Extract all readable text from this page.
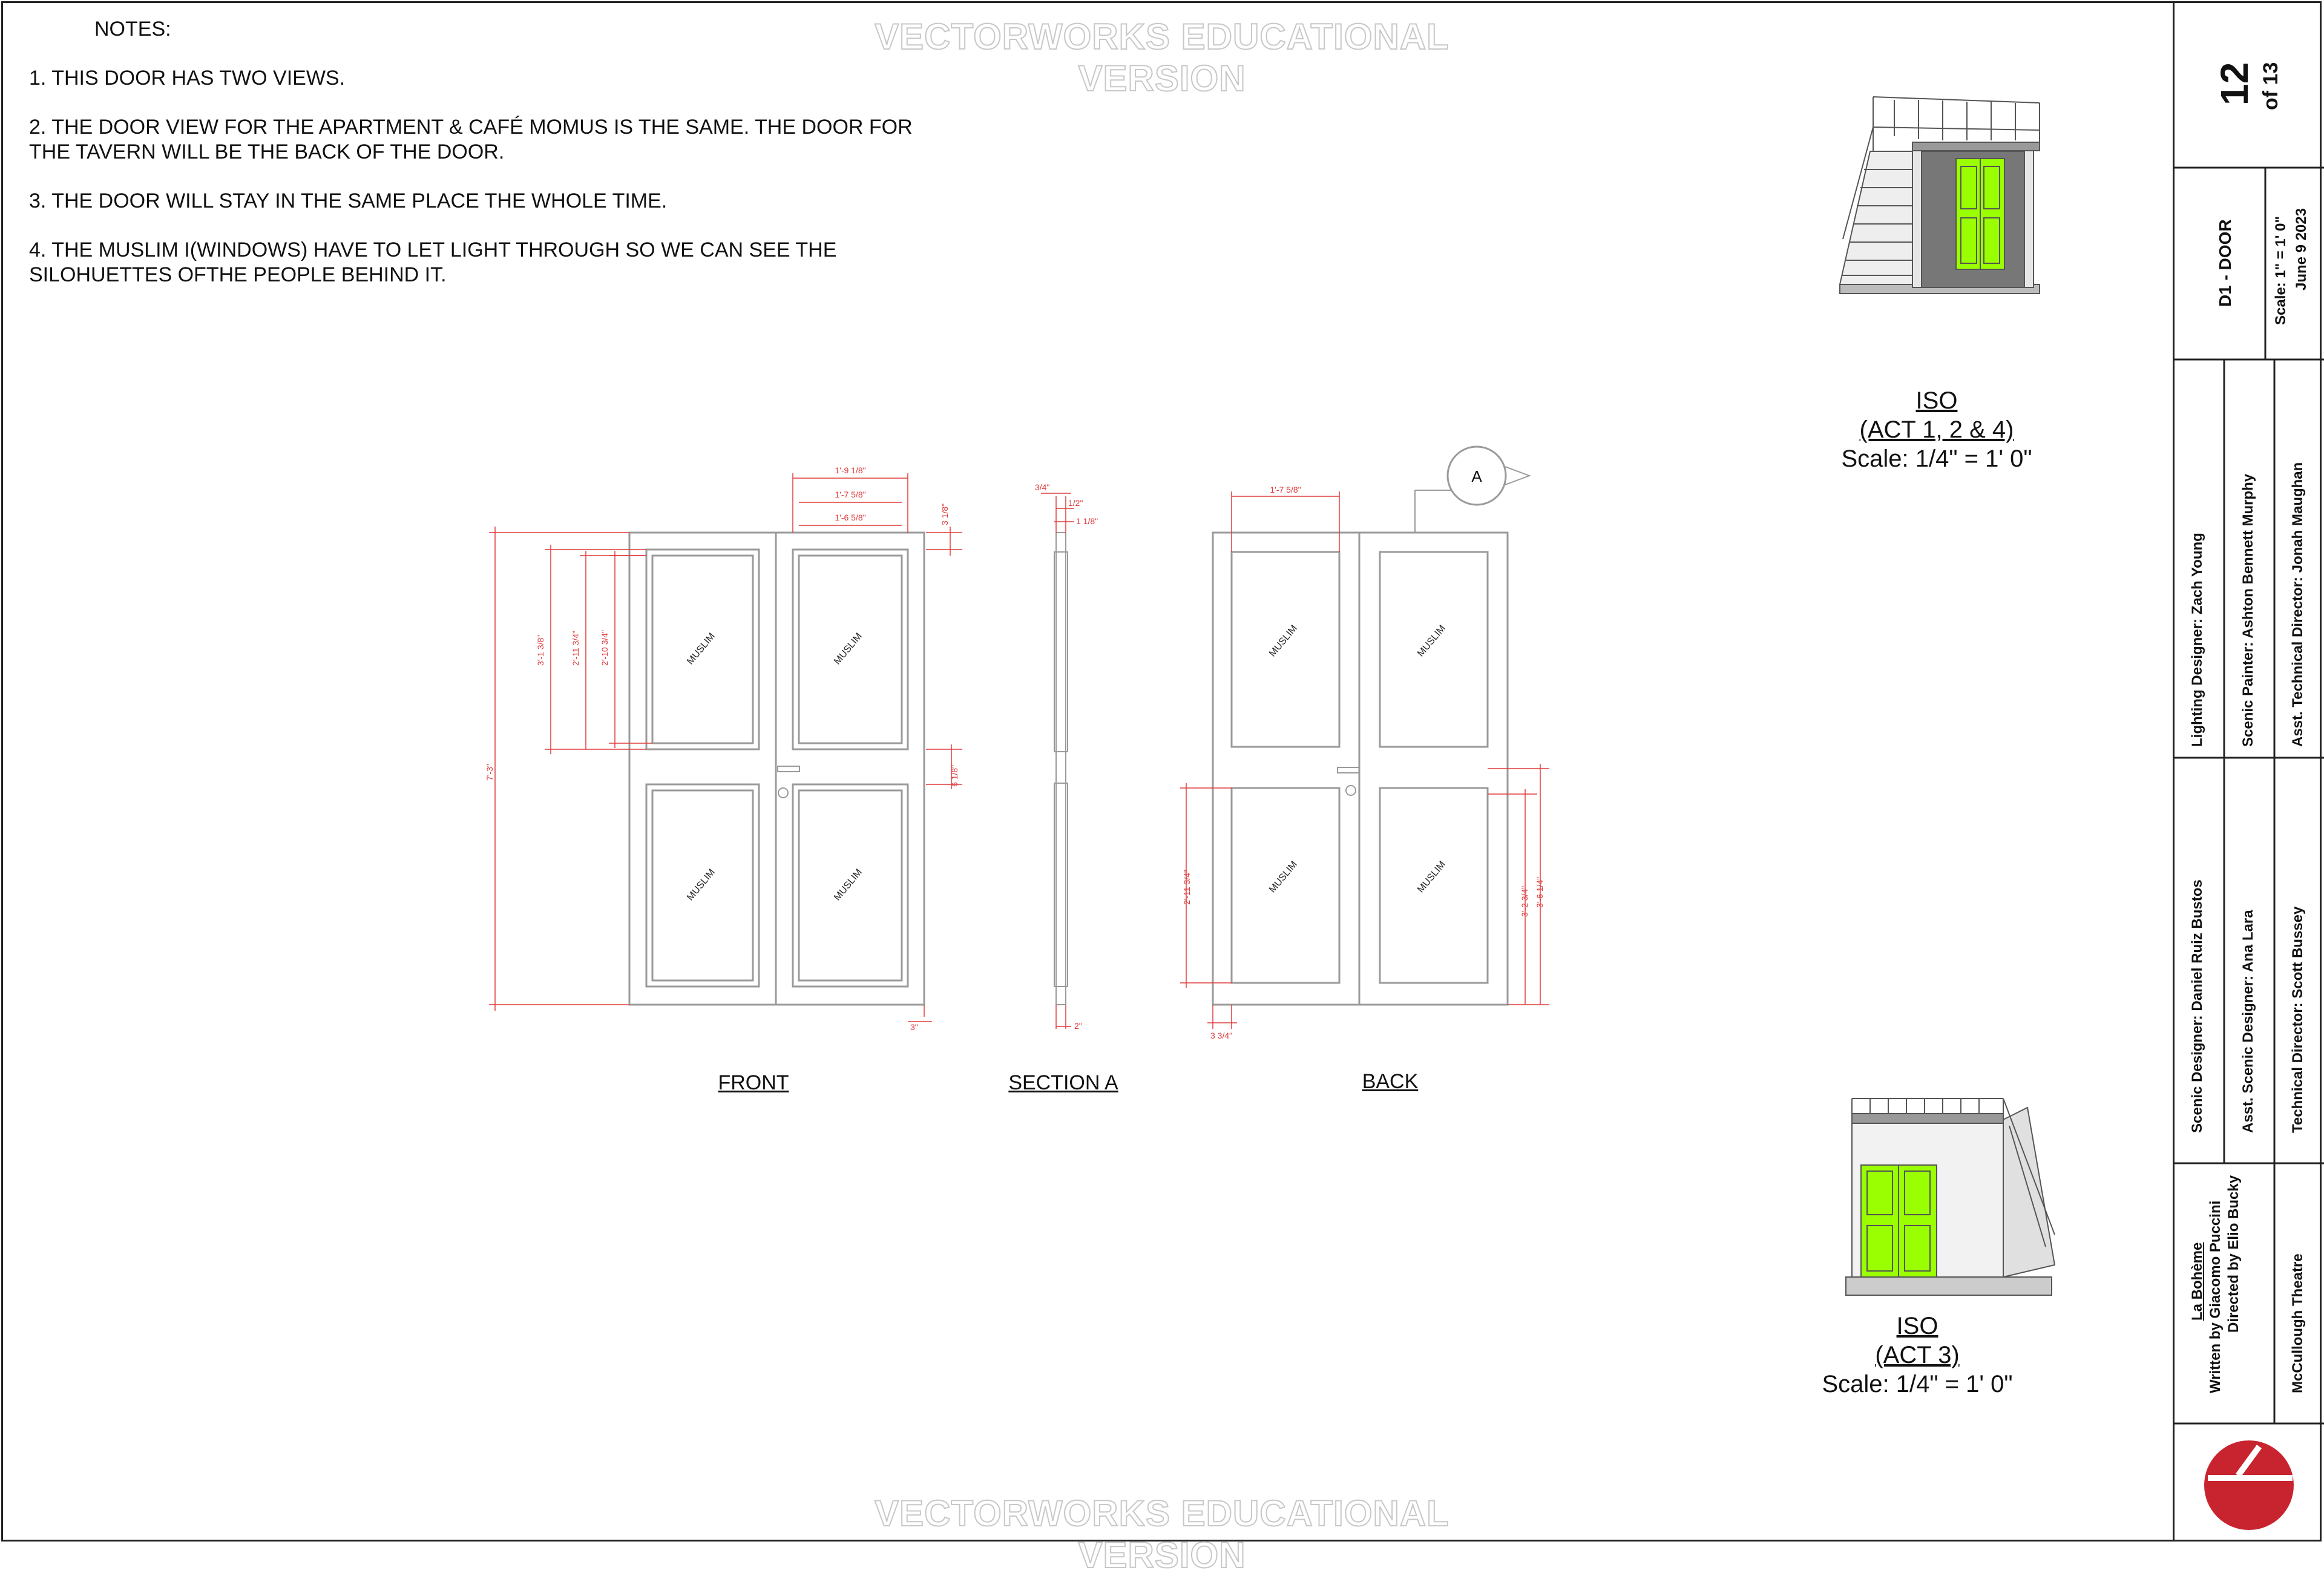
VECTORWORKS EDUCATIONAL VERSION
VECTORWORKS EDUCATIONAL VERSION
NOTES:
1. THIS DOOR HAS TWO VIEWS.
2. THE DOOR VIEW FOR THE APARTMENT & CAFÉ MOMUS IS THE SAME. THE DOOR FOR THE TAVERN WILL BE THE BACK OF THE DOOR.
3. THE DOOR WILL STAY IN THE SAME PLACE THE WHOLE TIME.
4. THE MUSLIM I(WINDOWS) HAVE TO LET LIGHT THROUGH SO WE CAN SEE THE SILOHUETTES OFTHE PEOPLE BEHIND IT.
A
MUSLIM	MUSLIM
MUSLIM	MUSLIM
MUSLIM	MUSLIM
MUSLIM	MUSLIM
1'-9 1/8"
1'-7 5/8"
1'-6 5/8"	3 1/8"
7'-3"
3'-1 3/8"	2'-11 3/4" 2'-10 3/4"
6 1/8"
3"
3/4"
1/2"
1 1/8"
2"
1'-7 5/8"
2'-11 3/4"	3'-2 3/4" 3'-6 1/4"
3 3/4"
FRONT	SECTION A	BACK
ISO
(ACT 1, 2 & 4)
Scale: 1/4" = 1' 0"
ISO
(ACT 3)
Scale: 1/4" = 1' 0"
12 of 13
D1 - DOOR	Scale: 1" = 1' 0" June 9 2023
Lighting Designer: Zach Young Scenic Painter: Ashton Bennett Murphy Asst. Technical Director: Jonah Maughan
Scenic Designer: Daniel Ruiz Bustos Asst. Scenic Designer: Ana Lara Technical Director: Scott Bussey
La Bohème Written by Giacomo Puccini Directed by Elio Bucky	McCullough Theatre
